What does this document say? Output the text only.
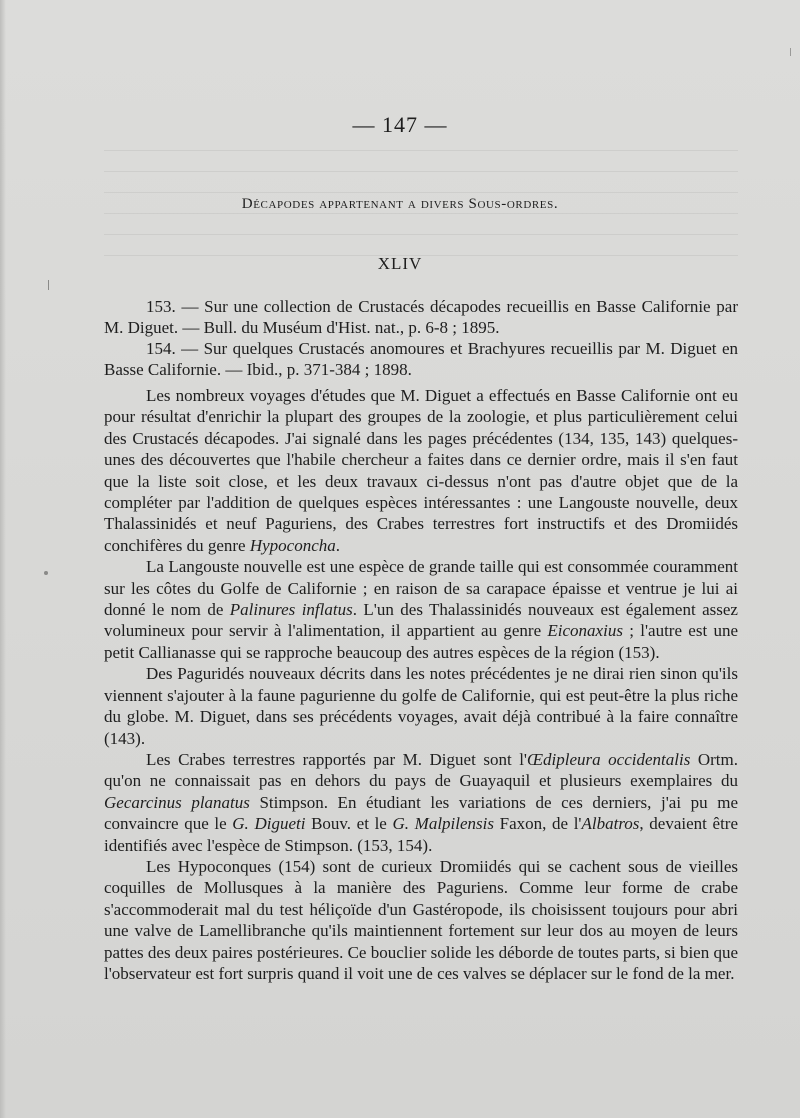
— 147 —
Décapodes appartenant a divers Sous-ordres.
XLIV

153. — Sur une collection de Crustacés décapodes recueillis en Basse Californie par M. Diguet. — Bull. du Muséum d'Hist. nat., p. 6-8 ; 1895.

154. — Sur quelques Crustacés anomoures et Brachyures recueillis par M. Diguet en Basse Californie. — Ibid., p. 371-384 ; 1898.

Les nombreux voyages d'études que M. Diguet a effectués en Basse Californie ont eu pour résultat d'enrichir la plupart des groupes de la zoologie, et plus particulièrement celui des Crustacés décapodes. J'ai signalé dans les pages précédentes (134, 135, 143) quelques-unes des découvertes que l'habile chercheur a faites dans ce dernier ordre, mais il s'en faut que la liste soit close, et les deux travaux ci-dessus n'ont pas d'autre objet que de la compléter par l'addition de quelques espèces intéressantes : une Langouste nouvelle, deux Thalassinidés et neuf Paguriens, des Crabes terrestres fort instructifs et des Dromiidés conchifères du genre Hypoconcha.

La Langouste nouvelle est une espèce de grande taille qui est consommée couramment sur les côtes du Golfe de Californie ; en raison de sa carapace épaisse et ventrue je lui ai donné le nom de Palinures inflatus. L'un des Thalassinidés nouveaux est également assez volumineux pour servir à l'alimentation, il appartient au genre Eiconaxius ; l'autre est une petit Callianasse qui se rapproche beaucoup des autres espèces de la région (153).

Des Paguridés nouveaux décrits dans les notes précédentes je ne dirai rien sinon qu'ils viennent s'ajouter à la faune pagurienne du golfe de Californie, qui est peut-être la plus riche du globe. M. Diguet, dans ses précédents voyages, avait déjà contribué à la faire connaître (143).

Les Crabes terrestres rapportés par M. Diguet sont l'Œdipleura occidentalis Ortm. qu'on ne connaissait pas en dehors du pays de Guayaquil et plusieurs exemplaires du Gecarcinus planatus Stimpson. En étudiant les variations de ces derniers, j'ai pu me convaincre que le G. Digueti Bouv. et le G. Malpilensis Faxon, de l'Albatros, devaient être identifiés avec l'espèce de Stimpson. (153, 154).

Les Hypoconques (154) sont de curieux Dromiidés qui se cachent sous de vieilles coquilles de Mollusques à la manière des Paguriens. Comme leur forme de crabe s'accommoderait mal du test héliçoïde d'un Gastéropode, ils choisissent toujours pour abri une valve de Lamellibranche qu'ils maintiennent fortement sur leur dos au moyen de leurs pattes des deux paires postérieures. Ce bouclier solide les déborde de toutes parts, si bien que l'observateur est fort surpris quand il voit une de ces valves se déplacer sur le fond de la mer.
